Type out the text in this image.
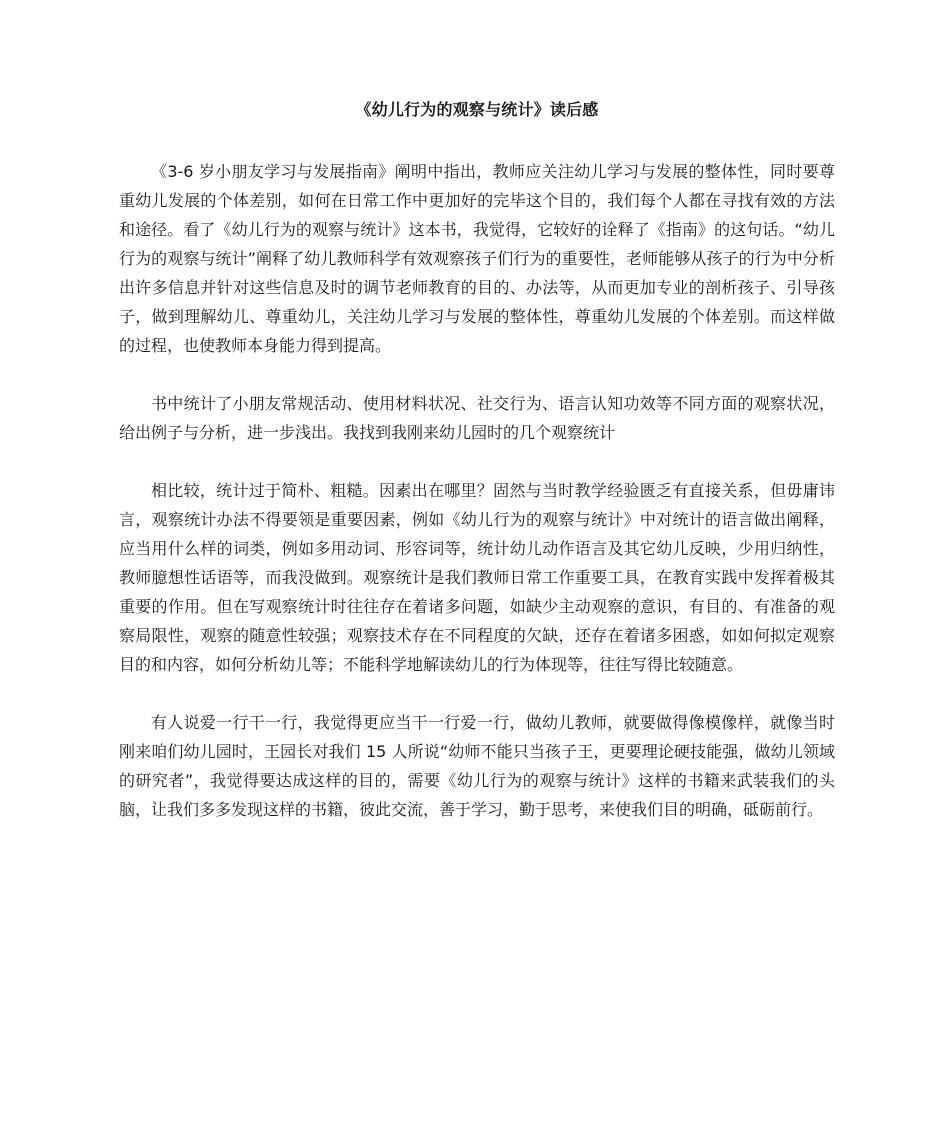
《幼儿行为的观察与统计》读后感

《3-6 岁小朋友学习与发展指南》阐明中指出，教师应关注幼儿学习与发展的整体性，同时要尊重幼儿发展的个体差别，如何在日常工作中更加好的完毕这个目的，我们每个人都在寻找有效的方法和途径。看了《幼儿行为的观察与统计》这本书，我觉得，它较好的诠释了《指南》的这句话。“幼儿行为的观察与统计”阐释了幼儿教师科学有效观察孩子们行为的重要性，老师能够从孩子的行为中分析出许多信息并针对这些信息及时的调节老师教育的目的、办法等，从而更加专业的剖析孩子、引导孩子，做到理解幼儿、尊重幼儿，关注幼儿学习与发展的整体性，尊重幼儿发展的个体差别。而这样做的过程，也使教师本身能力得到提高。

书中统计了小朋友常规活动、使用材料状况、社交行为、语言认知功效等不同方面的观察状况，给出例子与分析，进一步浅出。我找到我刚来幼儿园时的几个观察统计

相比较，统计过于简朴、粗糙。因素出在哪里？固然与当时教学经验匮乏有直接关系，但毋庸讳言，观察统计办法不得要领是重要因素，例如《幼儿行为的观察与统计》中对统计的语言做出阐释，应当用什么样的词类，例如多用动词、形容词等，统计幼儿动作语言及其它幼儿反映，少用归纳性，教师臆想性话语等，而我没做到。观察统计是我们教师日常工作重要工具，在教育实践中发挥着极其重要的作用。但在写观察统计时往往存在着诸多问题，如缺少主动观察的意识，有目的、有准备的观察局限性，观察的随意性较强；观察技术存在不同程度的欠缺，还存在着诸多困惑，如如何拟定观察目的和内容，如何分析幼儿等；不能科学地解读幼儿的行为体现等，往往写得比较随意。

有人说爱一行干一行，我觉得更应当干一行爱一行，做幼儿教师，就要做得像模像样，就像当时刚来咱们幼儿园时，王园长对我们 15 人所说“幼师不能只当孩子王，更要理论硬技能强，做幼儿领域的研究者”，我觉得要达成这样的目的，需要《幼儿行为的观察与统计》这样的书籍来武装我们的头脑，让我们多多发现这样的书籍，彼此交流，善于学习，勤于思考，来使我们目的明确，砥砺前行。
